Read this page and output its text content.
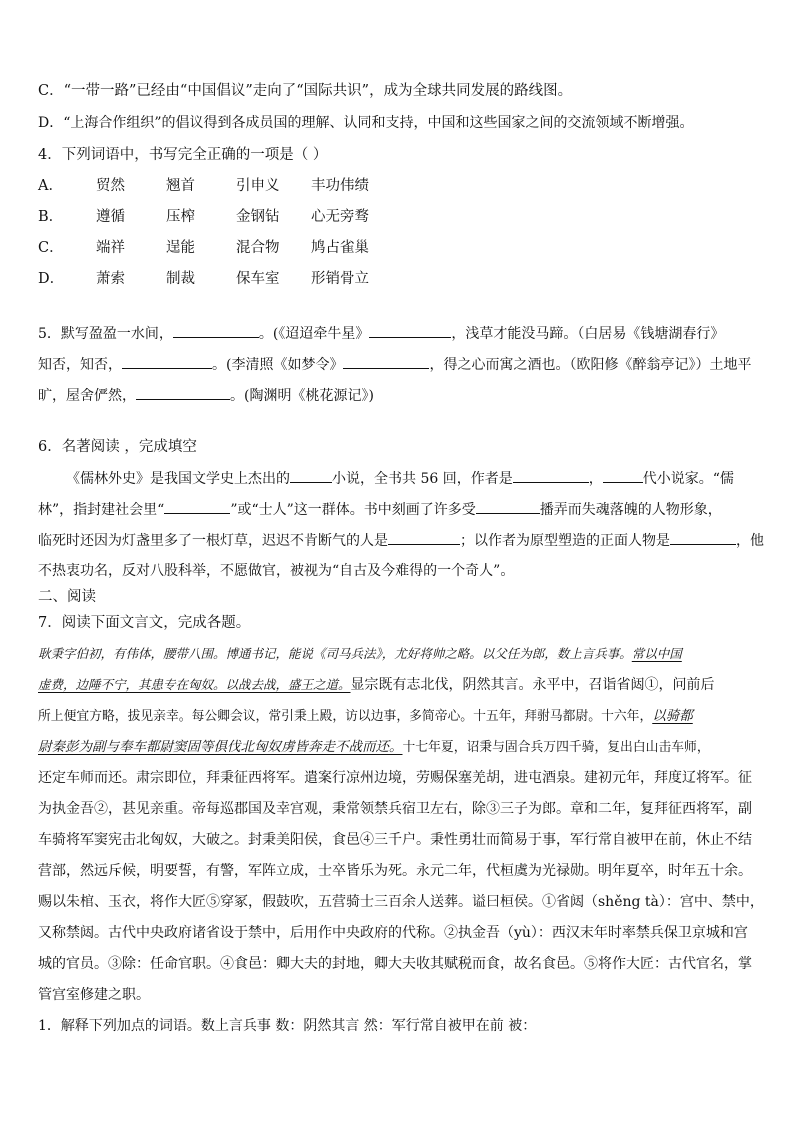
C．“一带一路”已经由“中国倡议”走向了“国际共识”，成为全球共同发展的路线图。
D．“上海合作组织”的倡议得到各成员国的理解、认同和支持，中国和这些国家之间的交流领域不断增强。
4．下列词语中，书写完全正确的一项是（ ）
A． 贸然	翘首	引申义 丰功伟绩
B． 遵循	压榨	金钢钻 心无旁骛
C． 端祥	逞能	混合物 鸠占雀巢
D． 萧索	制裁	保车室 形销骨立
5．默写盈盈一水间，	。(《迢迢牵牛星》	，浅草才能没马蹄。（白居易《钱塘湖春行》
知否，知否，	。(李清照《如梦令》	，得之心而寓之酒也。（欧阳修《醉翁亭记》）土地平
旷，屋舍俨然，	。(陶渊明《桃花源记》)
6．名著阅读 ，完成填空
《儒林外史》是我国文学史上杰出的	小说，全书共 56 回，作者是	，	代小说家。“儒
林”，指封建社会里“	”或“士人”这一群体。书中刻画了许多受	播弄而失魂落魄的人物形象，
临死时还因为灯盏里多了一根灯草，迟迟不肯断气的人是	；以作者为原型塑造的正面人物是	，他
不热衷功名，反对八股科举，不愿做官，被视为“自古及今难得的一个奇人”。
二、阅读
7．阅读下面文言文，完成各题。
耿秉字伯初，有伟体，腰带八围。博通书记，能说《司马兵法》，尤好将帅之略。以父任为郎，数上言兵事。常以中国
虚费，边陲不宁，其患专在匈奴。以战去战，盛王之道。显宗既有志北伐，阴然其言。永平中，召诣省闼①，问前后
所上便宜方略，拔见亲幸。每公卿会议，常引秉上殿，访以边事，多简帝心。十五年，拜驸马都尉。十六年，以骑都
尉秦彭为副与奉车都尉窦固等俱伐北匈奴虏皆奔走不战而还。十七年夏，诏秉与固合兵万四千骑，复出白山击车师，
还定车师而还。肃宗即位，拜秉征西将军。遣案行凉州边境，劳赐保塞羌胡，进屯酒泉。建初元年，拜度辽将军。征
为执金吾②，甚见亲重。帝每巡郡国及幸宫观，秉常领禁兵宿卫左右，除③三子为郎。章和二年，复拜征西将军，副
车骑将军窦宪击北匈奴，大破之。封秉美阳侯，食邑④三千户。秉性勇壮而简易于事，军行常自被甲在前，休止不结
营部，然远斥候，明要誓，有警，军阵立成，士卒皆乐为死。永元二年，代桓虞为光禄勋。明年夏卒，时年五十余。
赐以朱棺、玉衣，将作大匠⑤穿冢，假鼓吹，五营骑士三百余人送葬。谥曰桓侯。①省闼（shěng tà）：宫中、禁中，
又称禁闼。古代中央政府诸省设于禁中，后用作中央政府的代称。②执金吾（yù）：西汉末年时率禁兵保卫京城和宫
城的官员。③除：任命官职。④食邑：卿大夫的封地，卿大夫收其赋税而食，故名食邑。⑤将作大匠：古代官名，掌
管宫室修建之职。
1．解释下列加点的词语。数上言兵事 数：阴然其言 然：军行常自被甲在前 被：
